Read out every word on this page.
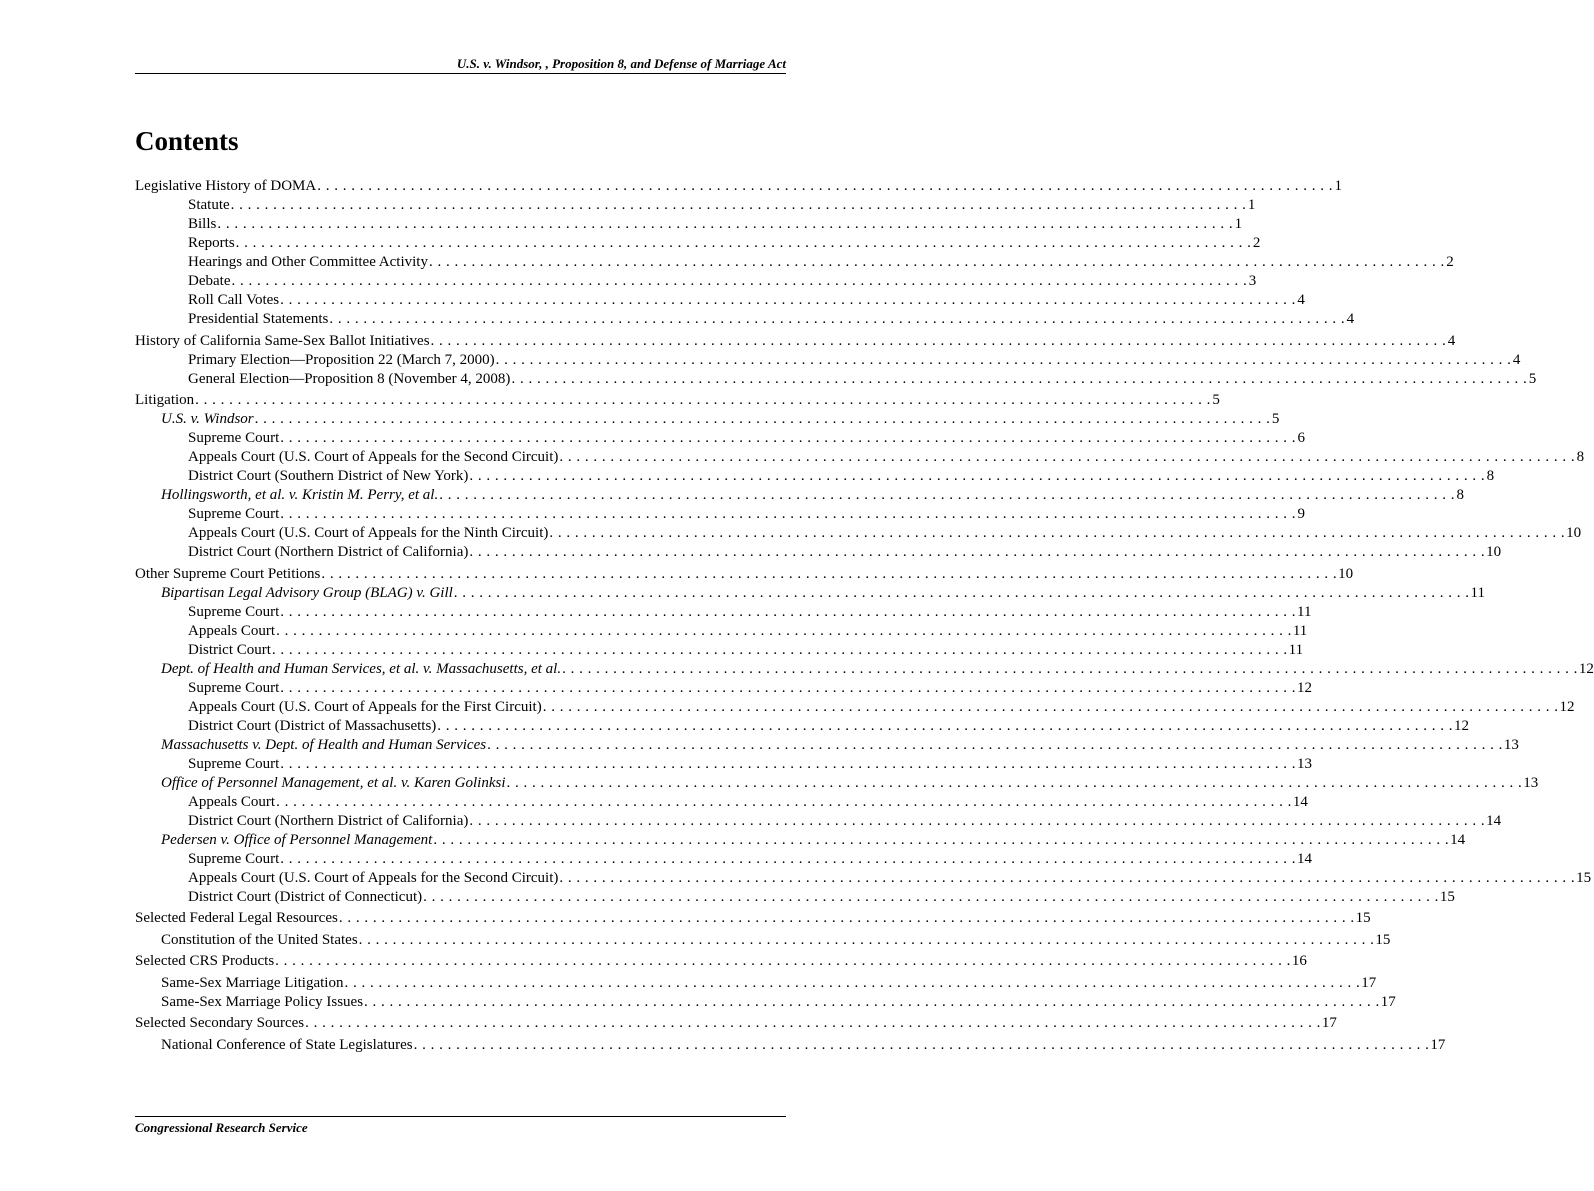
U.S. v. Windsor, , Proposition 8, and Defense of Marriage Act
Contents
Legislative History of DOMA . . . . . . . . . . . . . . . . . . . . . . . . . . . . . . . . . . . . . . . . . . . . . . . . . . . . . . . . . . . . . . . . . . . . . . . . . . . . . . . . . . . . . . . . . . . . . . . . . . . . . . . . . . . . . . . . . . . . . . . . 1
Statute . . . . . . . . . . . . . . . . . . . . . . . . . . . . . . . . . . . . . . . . . . . . . . . . . . . . . . . . . . . . . . . . . . . . . . . . . . . . . . . . . . . . . . . . . . . . . . . . . . . . . . . . . . . . . . . . . . . . . . . . 1
Bills . . . . . . . . . . . . . . . . . . . . . . . . . . . . . . . . . . . . . . . . . . . . . . . . . . . . . . . . . . . . . . . . . . . . . . . . . . . . . . . . . . . . . . . . . . . . . . . . . . . . . . . . . . . . . . . . . . . . . . . . 1
Reports . . . . . . . . . . . . . . . . . . . . . . . . . . . . . . . . . . . . . . . . . . . . . . . . . . . . . . . . . . . . . . . . . . . . . . . . . . . . . . . . . . . . . . . . . . . . . . . . . . . . . . . . . . . . . . . . . . . . . . . . 2
Hearings and Other Committee Activity . . . . . . . . . . . . . . . . . . . . . . . . . . . . . . . . . . . . . . . . . . . . . . . . . . . . . . . . . . . . . . . . . . . . . . . . . . . . . . . . . . . . . . . . . . . . . . . . . . . . . . . . . . . . . . . . . . . . . . . . 2
Debate . . . . . . . . . . . . . . . . . . . . . . . . . . . . . . . . . . . . . . . . . . . . . . . . . . . . . . . . . . . . . . . . . . . . . . . . . . . . . . . . . . . . . . . . . . . . . . . . . . . . . . . . . . . . . . . . . . . . . . . . 3
Roll Call Votes . . . . . . . . . . . . . . . . . . . . . . . . . . . . . . . . . . . . . . . . . . . . . . . . . . . . . . . . . . . . . . . . . . . . . . . . . . . . . . . . . . . . . . . . . . . . . . . . . . . . . . . . . . . . . . . . . . . . . . . . 4
Presidential Statements . . . . . . . . . . . . . . . . . . . . . . . . . . . . . . . . . . . . . . . . . . . . . . . . . . . . . . . . . . . . . . . . . . . . . . . . . . . . . . . . . . . . . . . . . . . . . . . . . . . . . . . . . . . . . . . . . . . . . . . . 4
History of California Same-Sex Ballot Initiatives . . . . . . . . . . . . . . . . . . . . . . . . . . . . . . . . . . . . . . . . . . . . . . . . . . . . . . . . . . . . . . . . . . . . . . . . . . . . . . . . . . . . . . . . . . . . . . . . . . . . . . . . . . . . . . . . . . . . . . . . 4
Primary Election—Proposition 22 (March 7, 2000) . . . . . . . . . . . . . . . . . . . . . . . . . . . . . . . . . . . . . . . . . . . . . . . . . . . . . . . . . . . . . . . . . . . . . . . . . . . . . . . . . . . . . . . . . . . . . . . . . . . . . . . . . . . . . . . . . . . . . . . . 4
General Election—Proposition 8 (November 4, 2008) . . . . . . . . . . . . . . . . . . . . . . . . . . . . . . . . . . . . . . . . . . . . . . . . . . . . . . . . . . . . . . . . . . . . . . . . . . . . . . . . . . . . . . . . . . . . . . . . . . . . . . . . . . . . . . . . . . . . . . . . 5
Litigation . . . . . . . . . . . . . . . . . . . . . . . . . . . . . . . . . . . . . . . . . . . . . . . . . . . . . . . . . . . . . . . . . . . . . . . . . . . . . . . . . . . . . . . . . . . . . . . . . . . . . . . . . . . . . . . . . . . . . . . . 5
U.S. v. Windsor . . . . . . . . . . . . . . . . . . . . . . . . . . . . . . . . . . . . . . . . . . . . . . . . . . . . . . . . . . . . . . . . . . . . . . . . . . . . . . . . . . . . . . . . . . . . . . . . . . . . . . . . . . . . . . . . . . . . . . . . 5
Supreme Court . . . . . . . . . . . . . . . . . . . . . . . . . . . . . . . . . . . . . . . . . . . . . . . . . . . . . . . . . . . . . . . . . . . . . . . . . . . . . . . . . . . . . . . . . . . . . . . . . . . . . . . . . . . . . . . . . . . . . . . . 6
Appeals Court (U.S. Court of Appeals for the Second Circuit) . . . . . . . . . . . . . . . . . . . . . . . . . . . . . . . . . . . . . . . . . . . . . . . . . . . . . . . . . . . . . . . . . . . . . . . . . . . . . . . . . . . . . . . . . . . . . . . . . . . . . . . . . . . . . . . . . . . . . . . . 8
District Court (Southern District of New York) . . . . . . . . . . . . . . . . . . . . . . . . . . . . . . . . . . . . . . . . . . . . . . . . . . . . . . . . . . . . . . . . . . . . . . . . . . . . . . . . . . . . . . . . . . . . . . . . . . . . . . . . . . . . . . . . . . . . . . . . 8
Hollingsworth, et al. v. Kristin M. Perry, et al. . . . . . . . . . . . . . . . . . . . . . . . . . . . . . . . . . . . . . . . . . . . . . . . . . . . . . . . . . . . . . . . . . . . . . . . . . . . . . . . . . . . . . . . . . . . . . . . . . . . . . . . . . . . . . . . . . . . . . . . . 8
Supreme Court . . . . . . . . . . . . . . . . . . . . . . . . . . . . . . . . . . . . . . . . . . . . . . . . . . . . . . . . . . . . . . . . . . . . . . . . . . . . . . . . . . . . . . . . . . . . . . . . . . . . . . . . . . . . . . . . . . . . . . . . 9
Appeals Court (U.S. Court of Appeals for the Ninth Circuit) . . . . . . . . . . . . . . . . . . . . . . . . . . . . . . . . . . . . . . . . . . . . . . . . . . . . . . . . . . . . . . . . . . . . . . . . . . . . . . . . . . . . . . . . . . . . . . . . . . . . . . . . . . . . . . . . . . . . . . . . 10
District Court (Northern District of California) . . . . . . . . . . . . . . . . . . . . . . . . . . . . . . . . . . . . . . . . . . . . . . . . . . . . . . . . . . . . . . . . . . . . . . . . . . . . . . . . . . . . . . . . . . . . . . . . . . . . . . . . . . . . . . . . . . . . . . . . 10
Other Supreme Court Petitions . . . . . . . . . . . . . . . . . . . . . . . . . . . . . . . . . . . . . . . . . . . . . . . . . . . . . . . . . . . . . . . . . . . . . . . . . . . . . . . . . . . . . . . . . . . . . . . . . . . . . . . . . . . . . . . . . . . . . . . . 10
Bipartisan Legal Advisory Group (BLAG) v. Gill . . . . . . . . . . . . . . . . . . . . . . . . . . . . . . . . . . . . . . . . . . . . . . . . . . . . . . . . . . . . . . . . . . . . . . . . . . . . . . . . . . . . . . . . . . . . . . . . . . . . . . . . . . . . . . . . . . . . . . . . 11
Supreme Court . . . . . . . . . . . . . . . . . . . . . . . . . . . . . . . . . . . . . . . . . . . . . . . . . . . . . . . . . . . . . . . . . . . . . . . . . . . . . . . . . . . . . . . . . . . . . . . . . . . . . . . . . . . . . . . . . . . . . . . . 11
Appeals Court . . . . . . . . . . . . . . . . . . . . . . . . . . . . . . . . . . . . . . . . . . . . . . . . . . . . . . . . . . . . . . . . . . . . . . . . . . . . . . . . . . . . . . . . . . . . . . . . . . . . . . . . . . . . . . . . . . . . . . . . 11
District Court . . . . . . . . . . . . . . . . . . . . . . . . . . . . . . . . . . . . . . . . . . . . . . . . . . . . . . . . . . . . . . . . . . . . . . . . . . . . . . . . . . . . . . . . . . . . . . . . . . . . . . . . . . . . . . . . . . . . . . . . 11
Dept. of Health and Human Services, et al. v. Massachusetts, et al. . . . . . . . . . . . . . . . . . . . . . . . . . . . . . . . . . . . . . . . . . . . . . . . . . . . . . . . . . . . . . . . . . . . . . . . . . . . . . . . . . . . . . . . . . . . . . . . . . . . . . . . . . . . . . . . . . . . . . . . . 12
Supreme Court . . . . . . . . . . . . . . . . . . . . . . . . . . . . . . . . . . . . . . . . . . . . . . . . . . . . . . . . . . . . . . . . . . . . . . . . . . . . . . . . . . . . . . . . . . . . . . . . . . . . . . . . . . . . . . . . . . . . . . . . 12
Appeals Court (U.S. Court of Appeals for the First Circuit) . . . . . . . . . . . . . . . . . . . . . . . . . . . . . . . . . . . . . . . . . . . . . . . . . . . . . . . . . . . . . . . . . . . . . . . . . . . . . . . . . . . . . . . . . . . . . . . . . . . . . . . . . . . . . . . . . . . . . . . . 12
District Court (District of Massachusetts) . . . . . . . . . . . . . . . . . . . . . . . . . . . . . . . . . . . . . . . . . . . . . . . . . . . . . . . . . . . . . . . . . . . . . . . . . . . . . . . . . . . . . . . . . . . . . . . . . . . . . . . . . . . . . . . . . . . . . . . . 12
Massachusetts v. Dept. of Health and Human Services . . . . . . . . . . . . . . . . . . . . . . . . . . . . . . . . . . . . . . . . . . . . . . . . . . . . . . . . . . . . . . . . . . . . . . . . . . . . . . . . . . . . . . . . . . . . . . . . . . . . . . . . . . . . . . . . . . . . . . . . 13
Supreme Court . . . . . . . . . . . . . . . . . . . . . . . . . . . . . . . . . . . . . . . . . . . . . . . . . . . . . . . . . . . . . . . . . . . . . . . . . . . . . . . . . . . . . . . . . . . . . . . . . . . . . . . . . . . . . . . . . . . . . . . . 13
Office of Personnel Management, et al. v. Karen Golinksi . . . . . . . . . . . . . . . . . . . . . . . . . . . . . . . . . . . . . . . . . . . . . . . . . . . . . . . . . . . . . . . . . . . . . . . . . . . . . . . . . . . . . . . . . . . . . . . . . . . . . . . . . . . . . . . . . . . . . . . . 13
Appeals Court . . . . . . . . . . . . . . . . . . . . . . . . . . . . . . . . . . . . . . . . . . . . . . . . . . . . . . . . . . . . . . . . . . . . . . . . . . . . . . . . . . . . . . . . . . . . . . . . . . . . . . . . . . . . . . . . . . . . . . . . 14
District Court (Northern District of California) . . . . . . . . . . . . . . . . . . . . . . . . . . . . . . . . . . . . . . . . . . . . . . . . . . . . . . . . . . . . . . . . . . . . . . . . . . . . . . . . . . . . . . . . . . . . . . . . . . . . . . . . . . . . . . . . . . . . . . . . 14
Pedersen v. Office of Personnel Management . . . . . . . . . . . . . . . . . . . . . . . . . . . . . . . . . . . . . . . . . . . . . . . . . . . . . . . . . . . . . . . . . . . . . . . . . . . . . . . . . . . . . . . . . . . . . . . . . . . . . . . . . . . . . . . . . . . . . . . . 14
Supreme Court . . . . . . . . . . . . . . . . . . . . . . . . . . . . . . . . . . . . . . . . . . . . . . . . . . . . . . . . . . . . . . . . . . . . . . . . . . . . . . . . . . . . . . . . . . . . . . . . . . . . . . . . . . . . . . . . . . . . . . . . 14
Appeals Court (U.S. Court of Appeals for the Second Circuit) . . . . . . . . . . . . . . . . . . . . . . . . . . . . . . . . . . . . . . . . . . . . . . . . . . . . . . . . . . . . . . . . . . . . . . . . . . . . . . . . . . . . . . . . . . . . . . . . . . . . . . . . . . . . . . . . . . . . . . . . 15
District Court (District of Connecticut) . . . . . . . . . . . . . . . . . . . . . . . . . . . . . . . . . . . . . . . . . . . . . . . . . . . . . . . . . . . . . . . . . . . . . . . . . . . . . . . . . . . . . . . . . . . . . . . . . . . . . . . . . . . . . . . . . . . . . . . . 15
Selected Federal Legal Resources . . . . . . . . . . . . . . . . . . . . . . . . . . . . . . . . . . . . . . . . . . . . . . . . . . . . . . . . . . . . . . . . . . . . . . . . . . . . . . . . . . . . . . . . . . . . . . . . . . . . . . . . . . . . . . . . . . . . . . . . 15
Constitution of the United States . . . . . . . . . . . . . . . . . . . . . . . . . . . . . . . . . . . . . . . . . . . . . . . . . . . . . . . . . . . . . . . . . . . . . . . . . . . . . . . . . . . . . . . . . . . . . . . . . . . . . . . . . . . . . . . . . . . . . . . . 15
Selected CRS Products . . . . . . . . . . . . . . . . . . . . . . . . . . . . . . . . . . . . . . . . . . . . . . . . . . . . . . . . . . . . . . . . . . . . . . . . . . . . . . . . . . . . . . . . . . . . . . . . . . . . . . . . . . . . . . . . . . . . . . . . 16
Same-Sex Marriage Litigation . . . . . . . . . . . . . . . . . . . . . . . . . . . . . . . . . . . . . . . . . . . . . . . . . . . . . . . . . . . . . . . . . . . . . . . . . . . . . . . . . . . . . . . . . . . . . . . . . . . . . . . . . . . . . . . . . . . . . . . . 17
Same-Sex Marriage Policy Issues . . . . . . . . . . . . . . . . . . . . . . . . . . . . . . . . . . . . . . . . . . . . . . . . . . . . . . . . . . . . . . . . . . . . . . . . . . . . . . . . . . . . . . . . . . . . . . . . . . . . . . . . . . . . . . . . . . . . . . . . 17
Selected Secondary Sources . . . . . . . . . . . . . . . . . . . . . . . . . . . . . . . . . . . . . . . . . . . . . . . . . . . . . . . . . . . . . . . . . . . . . . . . . . . . . . . . . . . . . . . . . . . . . . . . . . . . . . . . . . . . . . . . . . . . . . . . 17
National Conference of State Legislatures . . . . . . . . . . . . . . . . . . . . . . . . . . . . . . . . . . . . . . . . . . . . . . . . . . . . . . . . . . . . . . . . . . . . . . . . . . . . . . . . . . . . . . . . . . . . . . . . . . . . . . . . . . . . . . . . . . . . . . . . 17
Congressional Research Service
